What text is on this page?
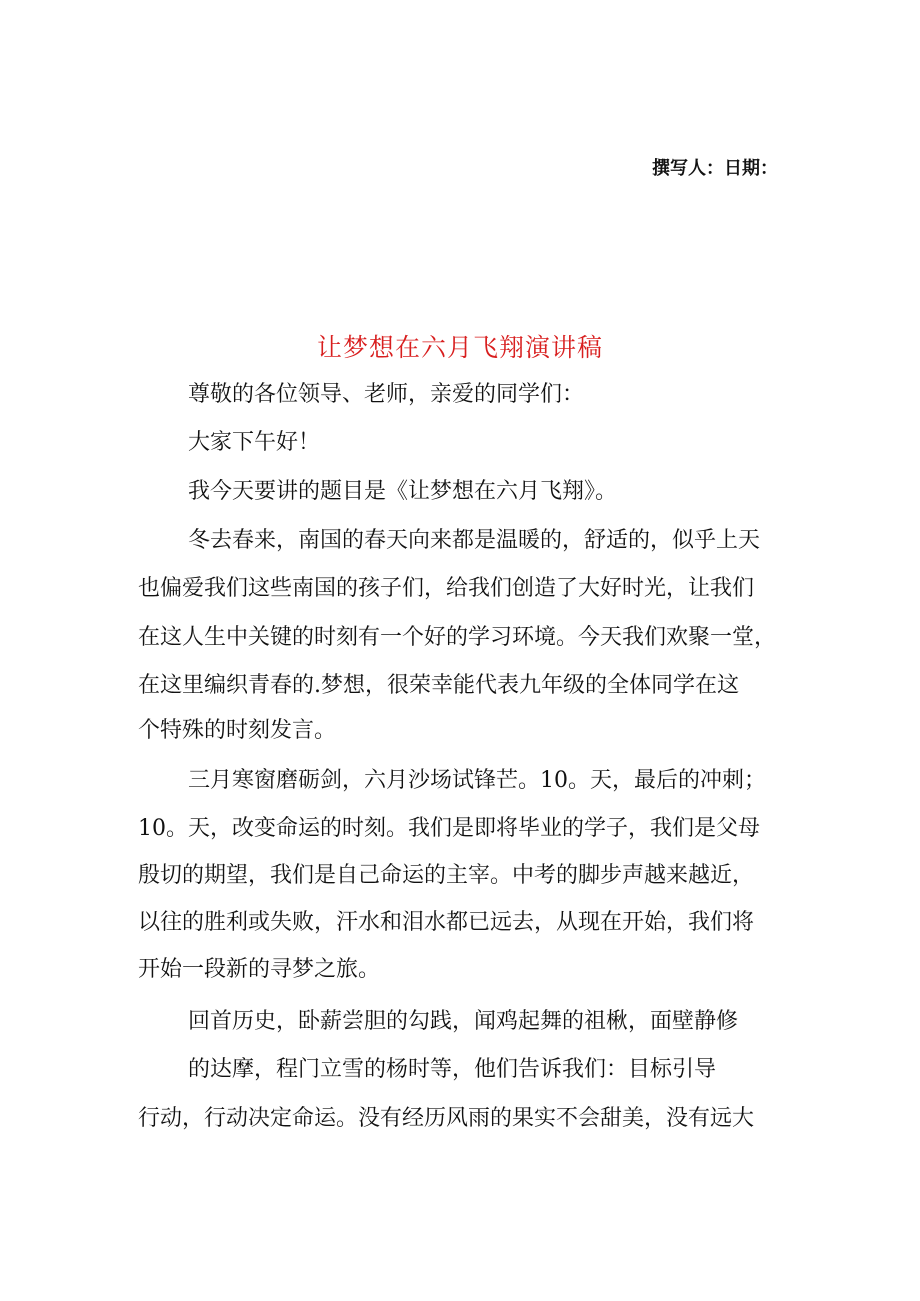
撰写人：日期：
让梦想在六月飞翔演讲稿
尊敬的各位领导、老师，亲爱的同学们：
大家下午好！
我今天要讲的题目是《让梦想在六月飞翔》。
冬去春来，南国的春天向来都是温暖的，舒适的，似乎上天
也偏爱我们这些南国的孩子们，给我们创造了大好时光，让我们
在这人生中关键的时刻有一个好的学习环境。今天我们欢聚一堂，
在这里编织青春的.梦想，很荣幸能代表九年级的全体同学在这
个特殊的时刻发言。
三月寒窗磨砺剑，六月沙场试锋芒。10。天，最后的冲刺；
10。天，改变命运的时刻。我们是即将毕业的学子，我们是父母
殷切的期望，我们是自己命运的主宰。中考的脚步声越来越近，
以往的胜利或失败，汗水和泪水都已远去，从现在开始，我们将
开始一段新的寻梦之旅。
回首历史，卧薪尝胆的勾践，闻鸡起舞的祖楸，面壁静修
的达摩，程门立雪的杨时等，他们告诉我们：目标引导
行动，行动决定命运。没有经历风雨的果实不会甜美，没有远大
